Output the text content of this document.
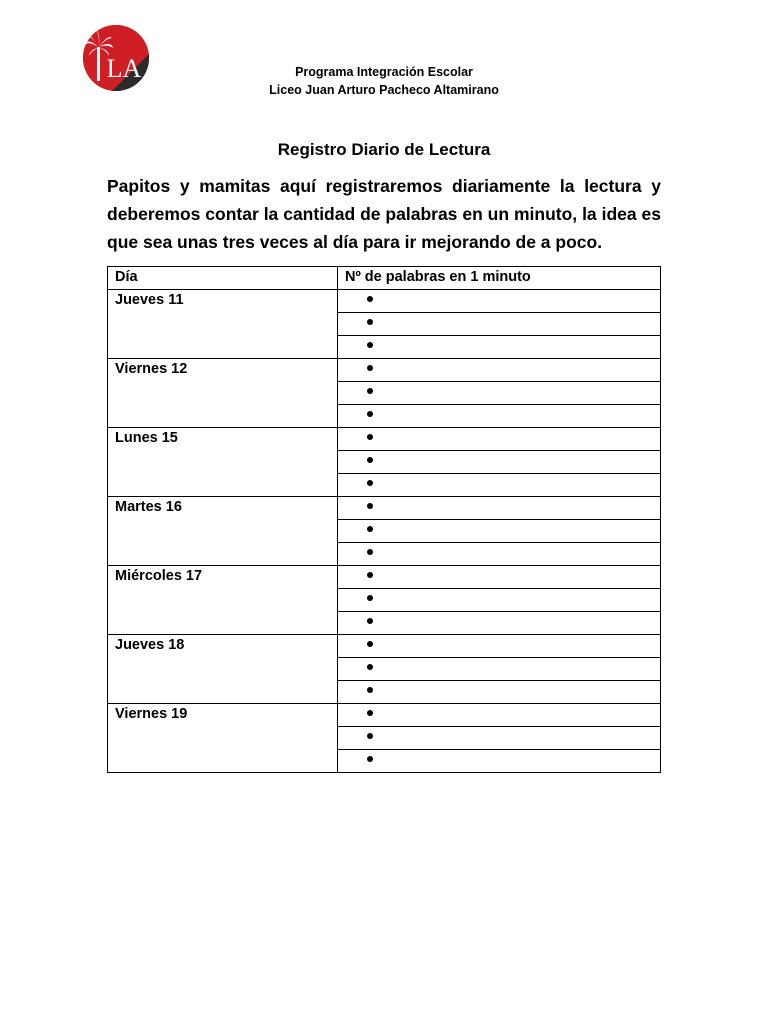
LA	Programa Integración Escolar
Liceo Juan Arturo Pacheco Altamirano
Registro Diario de Lectura
Papitos y mamitas aquí registraremos diariamente la lectura y deberemos contar la cantidad de palabras en un minuto, la idea es que sea unas tres veces al día para ir mejorando de a poco.
Día	Nº de palabras en 1 minuto
Jueves 11	

Viernes 12	

Lunes 15	

Martes 16	

Miércoles 17	

Jueves 18	

Viernes 19	
